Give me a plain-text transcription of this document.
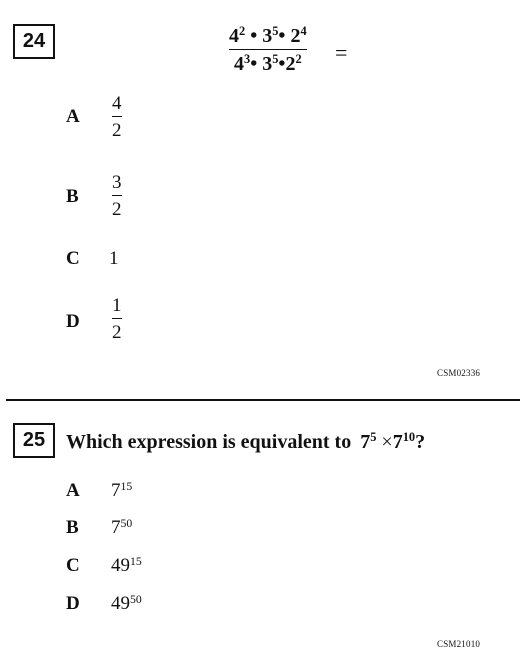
24	$4^2$ • $3^5•$ $2^4$
$4^3•$ $3^5•2^2$ =
A
4
2
B
3
2
C 1
D
1
2
CSM02336
25	Which expression is equivalent to $7^5 \times 7^{10}$?
A $7^{15}$
B $7^{50}$
C $49^{15}$
D $49^{50}$
CSM21010
